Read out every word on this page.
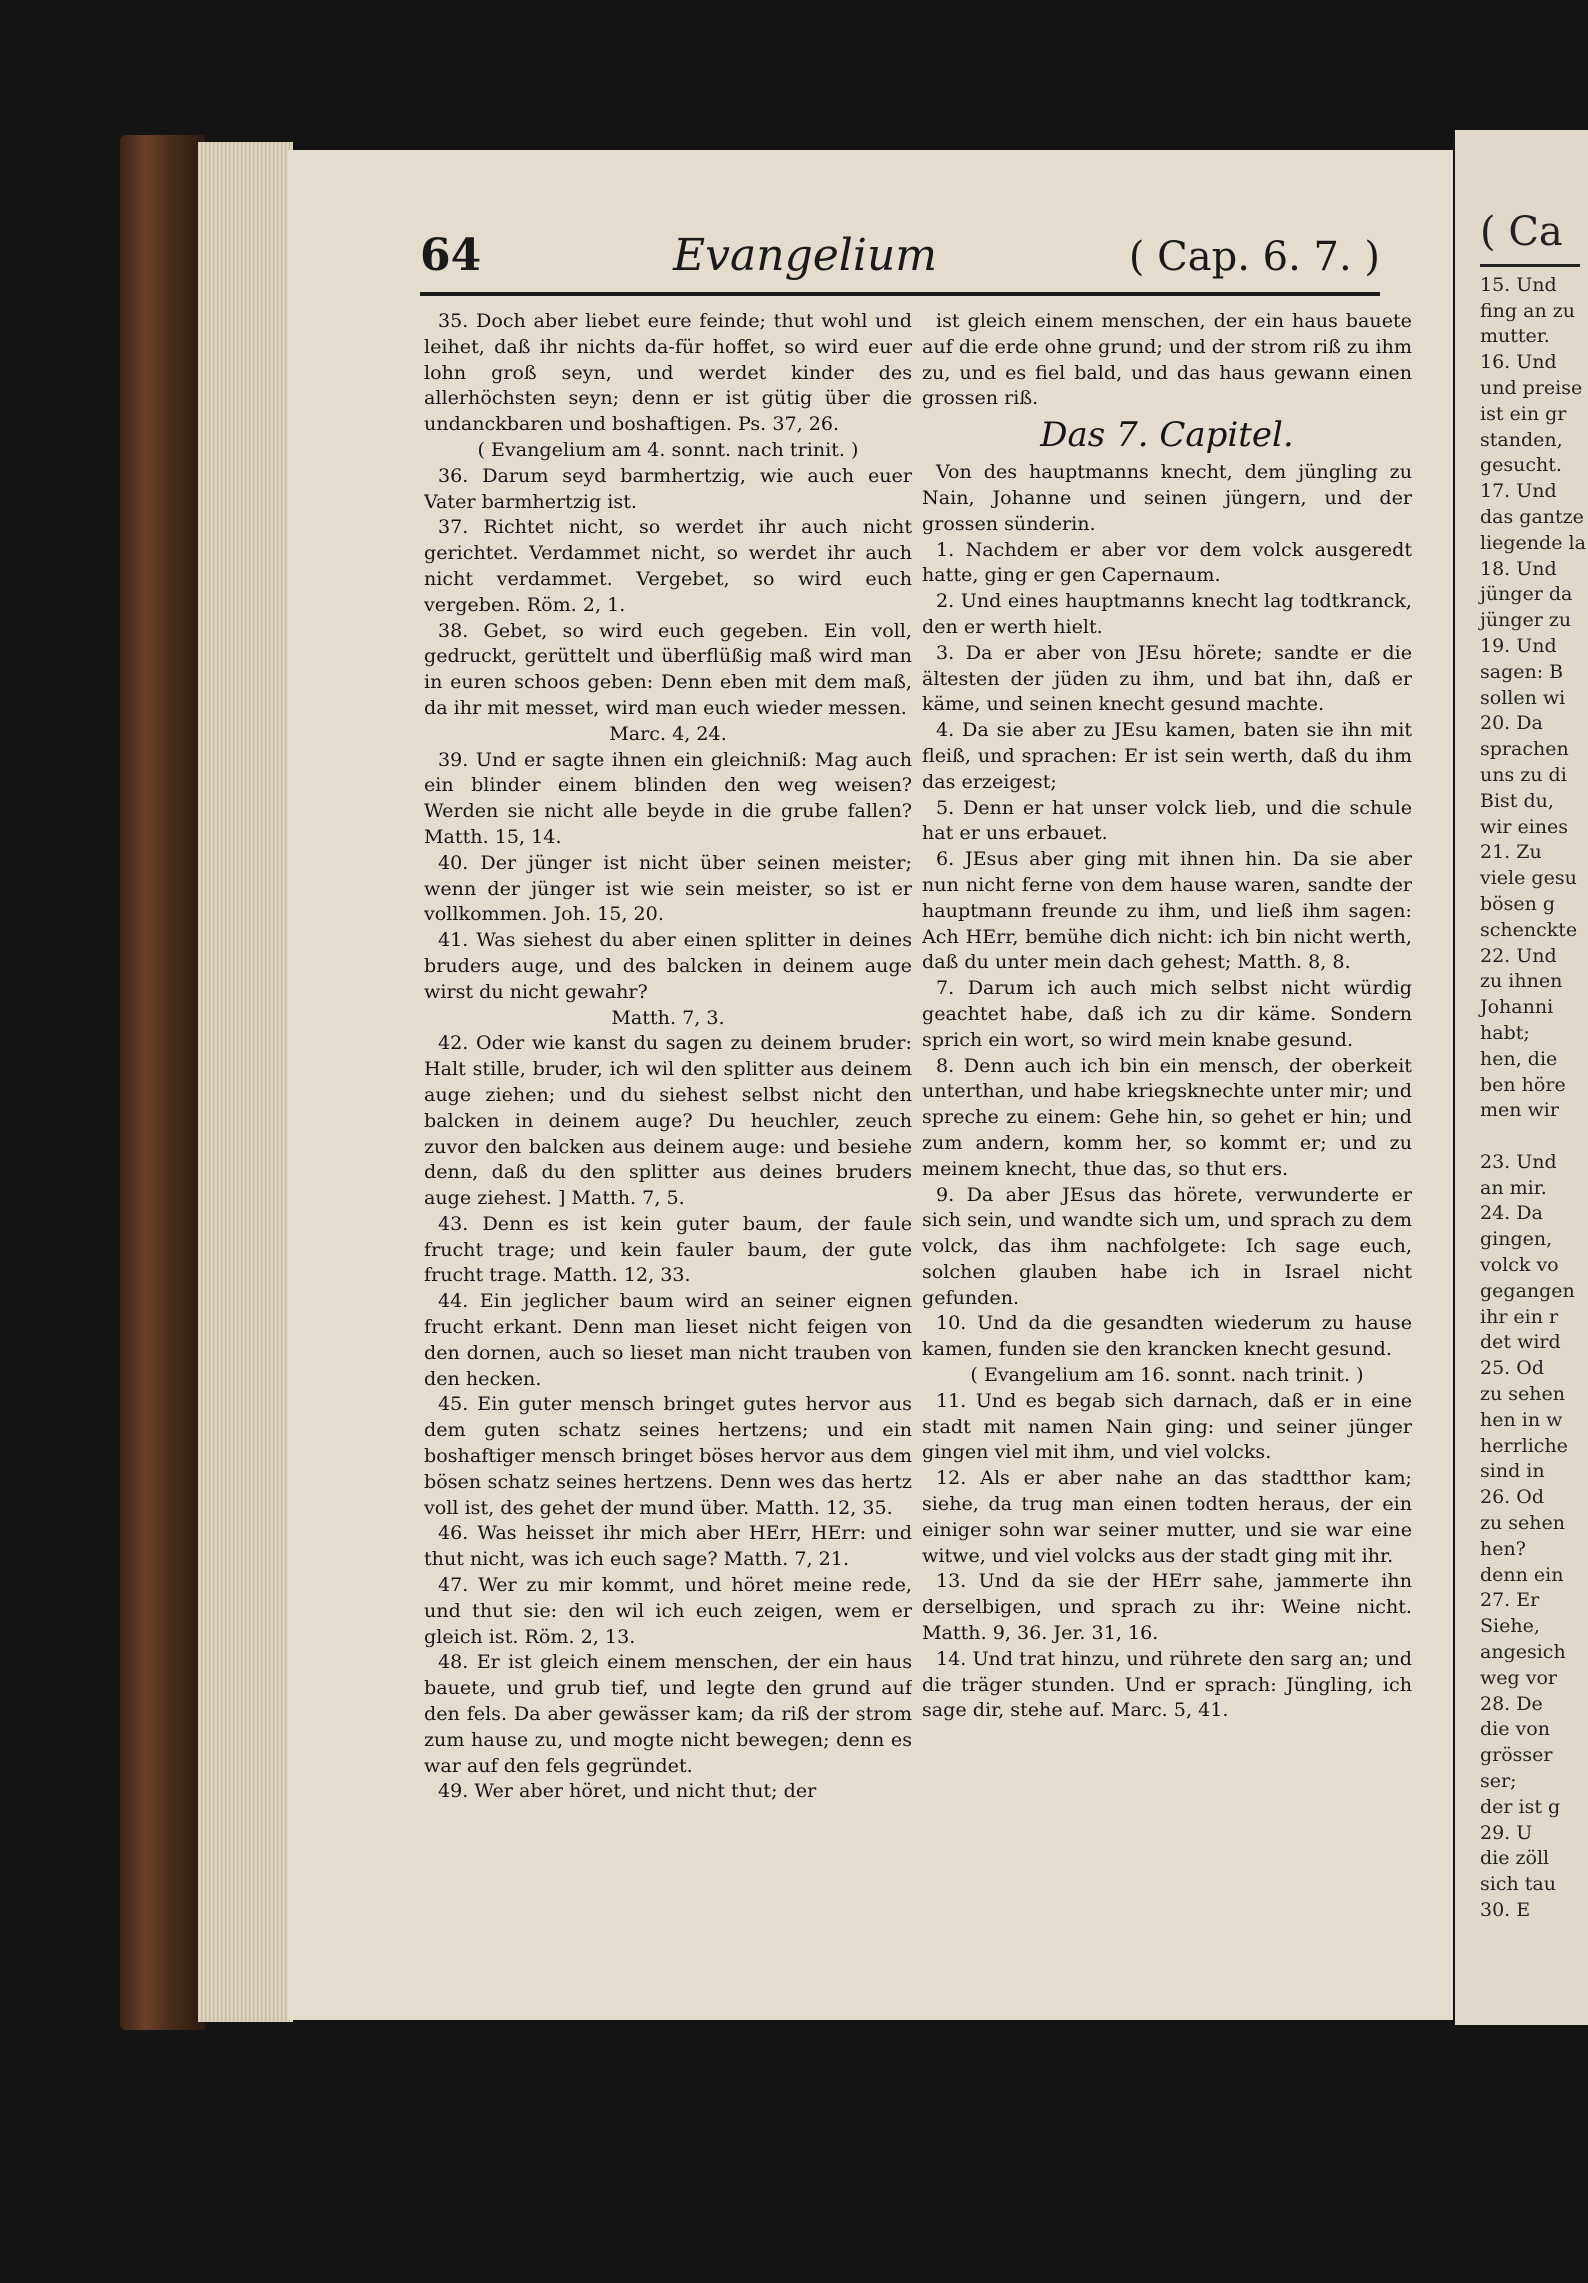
64	Evangelium	( Cap. 6. 7. )

35. Doch aber liebet eure feinde; thut wohl und leihet, daß ihr nichts da-für hoffet, so wird euer lohn groß seyn, und werdet kinder des allerhöchsten seyn; denn er ist gütig über die undanckbaren und boshaftigen. Ps. 37, 26.

( Evangelium am 4. sonnt. nach trinit. )

36. Darum seyd barmhertzig, wie auch euer Vater barmhertzig ist.

37. Richtet nicht, so werdet ihr auch nicht gerichtet. Verdammet nicht, so werdet ihr auch nicht verdammet. Vergebet, so wird euch vergeben. Röm. 2, 1.

38. Gebet, so wird euch gegeben. Ein voll, gedruckt, gerüttelt und überflüßig maß wird man in euren schoos geben: Denn eben mit dem maß, da ihr mit messet, wird man euch wieder messen.

Marc. 4, 24.

39. Und er sagte ihnen ein gleichniß: Mag auch ein blinder einem blinden den weg weisen? Werden sie nicht alle beyde in die grube fallen? Matth. 15, 14.

40. Der jünger ist nicht über seinen meister; wenn der jünger ist wie sein meister, so ist er vollkommen. Joh. 15, 20.

41. Was siehest du aber einen splitter in deines bruders auge, und des balcken in deinem auge wirst du nicht gewahr?

Matth. 7, 3.

42. Oder wie kanst du sagen zu deinem bruder: Halt stille, bruder, ich wil den splitter aus deinem auge ziehen; und du siehest selbst nicht den balcken in deinem auge? Du heuchler, zeuch zuvor den balcken aus deinem auge: und besiehe denn, daß du den splitter aus deines bruders auge ziehest. ] Matth. 7, 5.

43. Denn es ist kein guter baum, der faule frucht trage; und kein fauler baum, der gute frucht trage. Matth. 12, 33.

44. Ein jeglicher baum wird an seiner eignen frucht erkant. Denn man lieset nicht feigen von den dornen, auch so lieset man nicht trauben von den hecken.

45. Ein guter mensch bringet gutes hervor aus dem guten schatz seines hertzens; und ein boshaftiger mensch bringet böses hervor aus dem bösen schatz seines hertzens. Denn wes das hertz voll ist, des gehet der mund über. Matth. 12, 35.

46. Was heisset ihr mich aber HErr, HErr: und thut nicht, was ich euch sage? Matth. 7, 21.

47. Wer zu mir kommt, und höret meine rede, und thut sie: den wil ich euch zeigen, wem er gleich ist. Röm. 2, 13.

48. Er ist gleich einem menschen, der ein haus bauete, und grub tief, und legte den grund auf den fels. Da aber gewässer kam; da riß der strom zum hause zu, und mogte nicht bewegen; denn es war auf den fels gegründet.

49. Wer aber höret, und nicht thut; der

ist gleich einem menschen, der ein haus bauete auf die erde ohne grund; und der strom riß zu ihm zu, und es fiel bald, und das haus gewann einen grossen riß.

Das 7. Capitel.

Von des hauptmanns knecht, dem jüngling zu Nain, Johanne und seinen jüngern, und der grossen sünderin.

1. Nachdem er aber vor dem volck ausgeredt hatte, ging er gen Capernaum.

2. Und eines hauptmanns knecht lag todtkranck, den er werth hielt.

3. Da er aber von JEsu hörete; sandte er die ältesten der jüden zu ihm, und bat ihn, daß er käme, und seinen knecht gesund machte.

4. Da sie aber zu JEsu kamen, baten sie ihn mit fleiß, und sprachen: Er ist sein werth, daß du ihm das erzeigest;

5. Denn er hat unser volck lieb, und die schule hat er uns erbauet.

6. JEsus aber ging mit ihnen hin. Da sie aber nun nicht ferne von dem hause waren, sandte der hauptmann freunde zu ihm, und ließ ihm sagen: Ach HErr, bemühe dich nicht: ich bin nicht werth, daß du unter mein dach gehest; Matth. 8, 8.

7. Darum ich auch mich selbst nicht würdig geachtet habe, daß ich zu dir käme. Sondern sprich ein wort, so wird mein knabe gesund.

8. Denn auch ich bin ein mensch, der oberkeit unterthan, und habe kriegsknechte unter mir; und spreche zu einem: Gehe hin, so gehet er hin; und zum andern, komm her, so kommt er; und zu meinem knecht, thue das, so thut ers.

9. Da aber JEsus das hörete, verwunderte er sich sein, und wandte sich um, und sprach zu dem volck, das ihm nachfolgete: Ich sage euch, solchen glauben habe ich in Israel nicht gefunden.

10. Und da die gesandten wiederum zu hause kamen, funden sie den krancken knecht gesund.

( Evangelium am 16. sonnt. nach trinit. )

11. Und es begab sich darnach, daß er in eine stadt mit namen Nain ging: und seiner jünger gingen viel mit ihm, und viel volcks.

12. Als er aber nahe an das stadtthor kam; siehe, da trug man einen todten heraus, der ein einiger sohn war seiner mutter, und sie war eine witwe, und viel volcks aus der stadt ging mit ihr.

13. Und da sie der HErr sahe, jammerte ihn derselbigen, und sprach zu ihr: Weine nicht. Matth. 9, 36. Jer. 31, 16.

14. Und trat hinzu, und rührete den sarg an; und die träger stunden. Und er sprach: Jüngling, ich sage dir, stehe auf. Marc. 5, 41.

15. Und
( Ca
15. Und
fing an zu
mutter.
16. Und
und preise
ist ein gr
standen,
gesucht.
17. Und
das gantze
liegende la
18. Und
jünger da
jünger zu
19. Und
sagen: B
sollen wi
20. Da
sprachen
uns zu di
Bist du,
wir eines
21. Zu
viele gesu
bösen g
schenckte
22. Und
zu ihnen
Johanni
habt;
hen, die
ben höre
men wir
23. Und
an mir.
24. Da
gingen,
volck vo
gegangen
ihr ein r
det wird
25. Od
zu sehen
hen in w
herrliche
sind in
26. Od
zu sehen
hen?
denn ein
27. Er
Siehe,
angesich
weg vor
28. De
die von
grösser
ser;
der ist g
29. U
die zöll
sich tau
30. E
